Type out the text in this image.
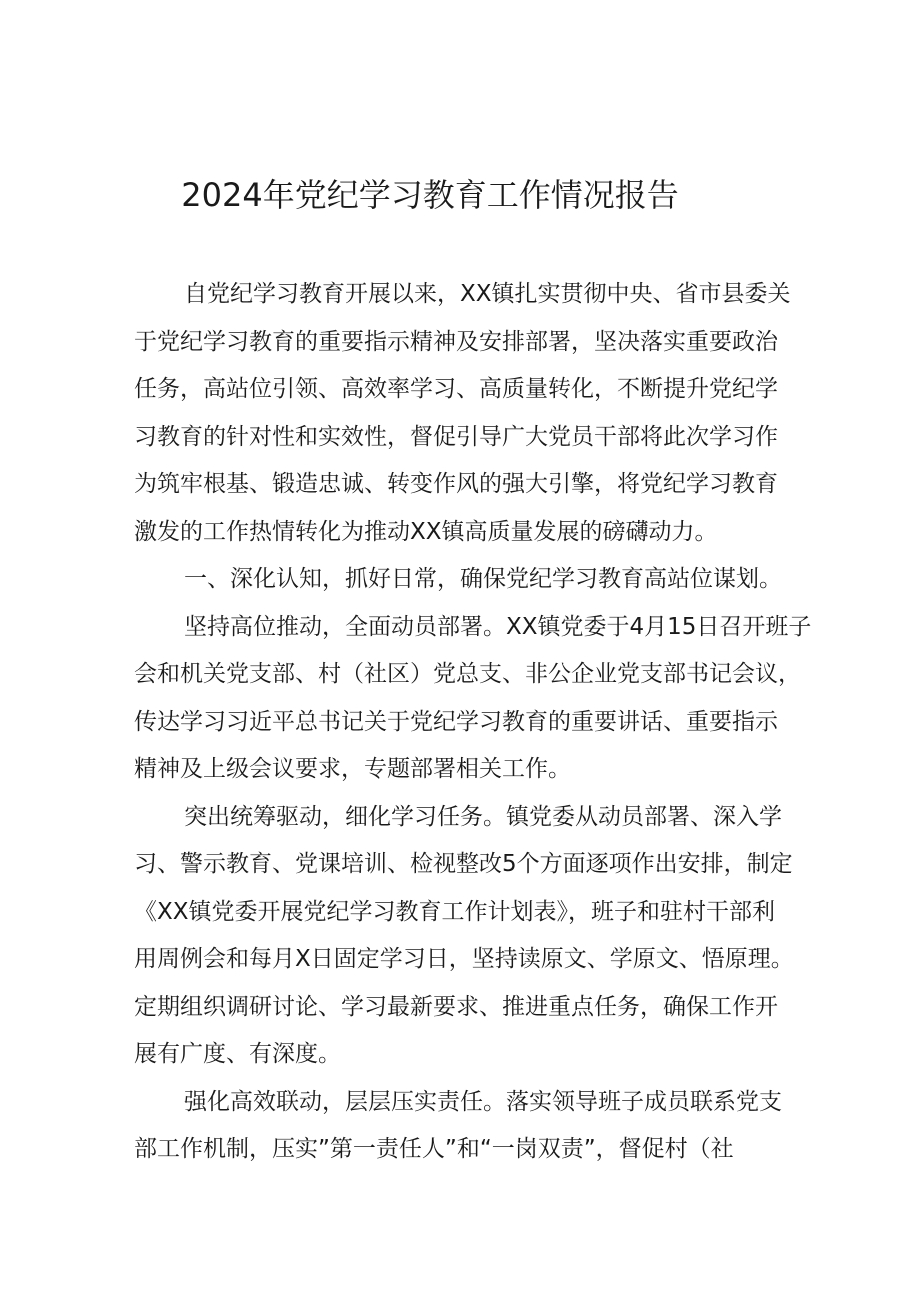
2024年党纪学习教育工作情况报告

自党纪学习教育开展以来，XX镇扎实贯彻中央、省市县委关
于党纪学习教育的重要指示精神及安排部署，坚决落实重要政治
任务，高站位引领、高效率学习、高质量转化，不断提升党纪学
习教育的针对性和实效性，督促引导广大党员干部将此次学习作
为筑牢根基、锻造忠诚、转变作风的强大引擎，将党纪学习教育
激发的工作热情转化为推动XX镇高质量发展的磅礴动力。

一、深化认知，抓好日常，确保党纪学习教育高站位谋划。

坚持高位推动，全面动员部署。XX镇党委于4月15日召开班子
会和机关党支部、村（社区）党总支、非公企业党支部书记会议，
传达学习习近平总书记关于党纪学习教育的重要讲话、重要指示
精神及上级会议要求，专题部署相关工作。

突出统筹驱动，细化学习任务。镇党委从动员部署、深入学
习、警示教育、党课培训、检视整改5个方面逐项作出安排，制定
《XX镇党委开展党纪学习教育工作计划表》，班子和驻村干部利
用周例会和每月X日固定学习日，坚持读原文、学原文、悟原理。
定期组织调研讨论、学习最新要求、推进重点任务，确保工作开
展有广度、有深度。

强化高效联动，层层压实责任。落实领导班子成员联系党支
部工作机制，压实”第一责任人”和“一岗双责”，督促村（社
